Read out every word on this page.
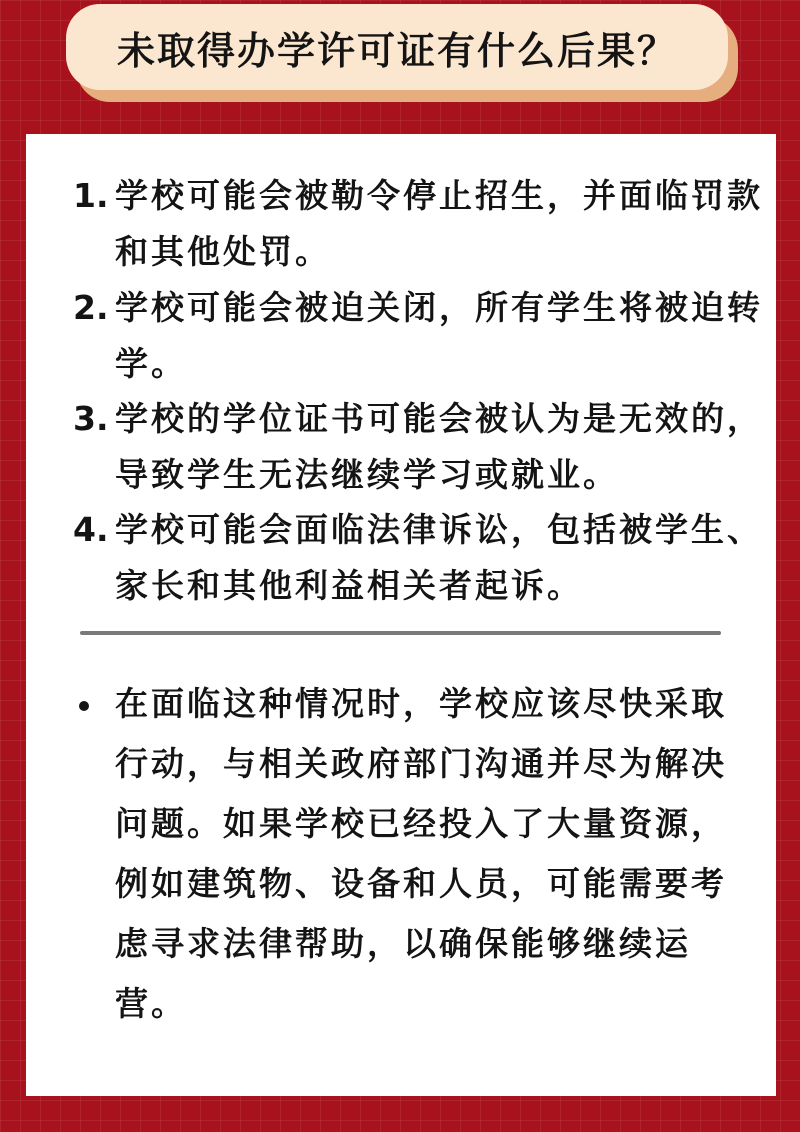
未取得办学许可证有什么后果？
1. 学校可能会被勒令停止招生，并面临罚款和其他处罚。
2. 学校可能会被迫关闭，所有学生将被迫转学。
3. 学校的学位证书可能会被认为是无效的，导致学生无法继续学习或就业。
4. 学校可能会面临法律诉讼，包括被学生、家长和其他利益相关者起诉。
在面临这种情况时，学校应该尽快采取行动，与相关政府部门沟通并尽为解决问题。如果学校已经投入了大量资源，例如建筑物、设备和人员，可能需要考虑寻求法律帮助，以确保能够继续运营。
